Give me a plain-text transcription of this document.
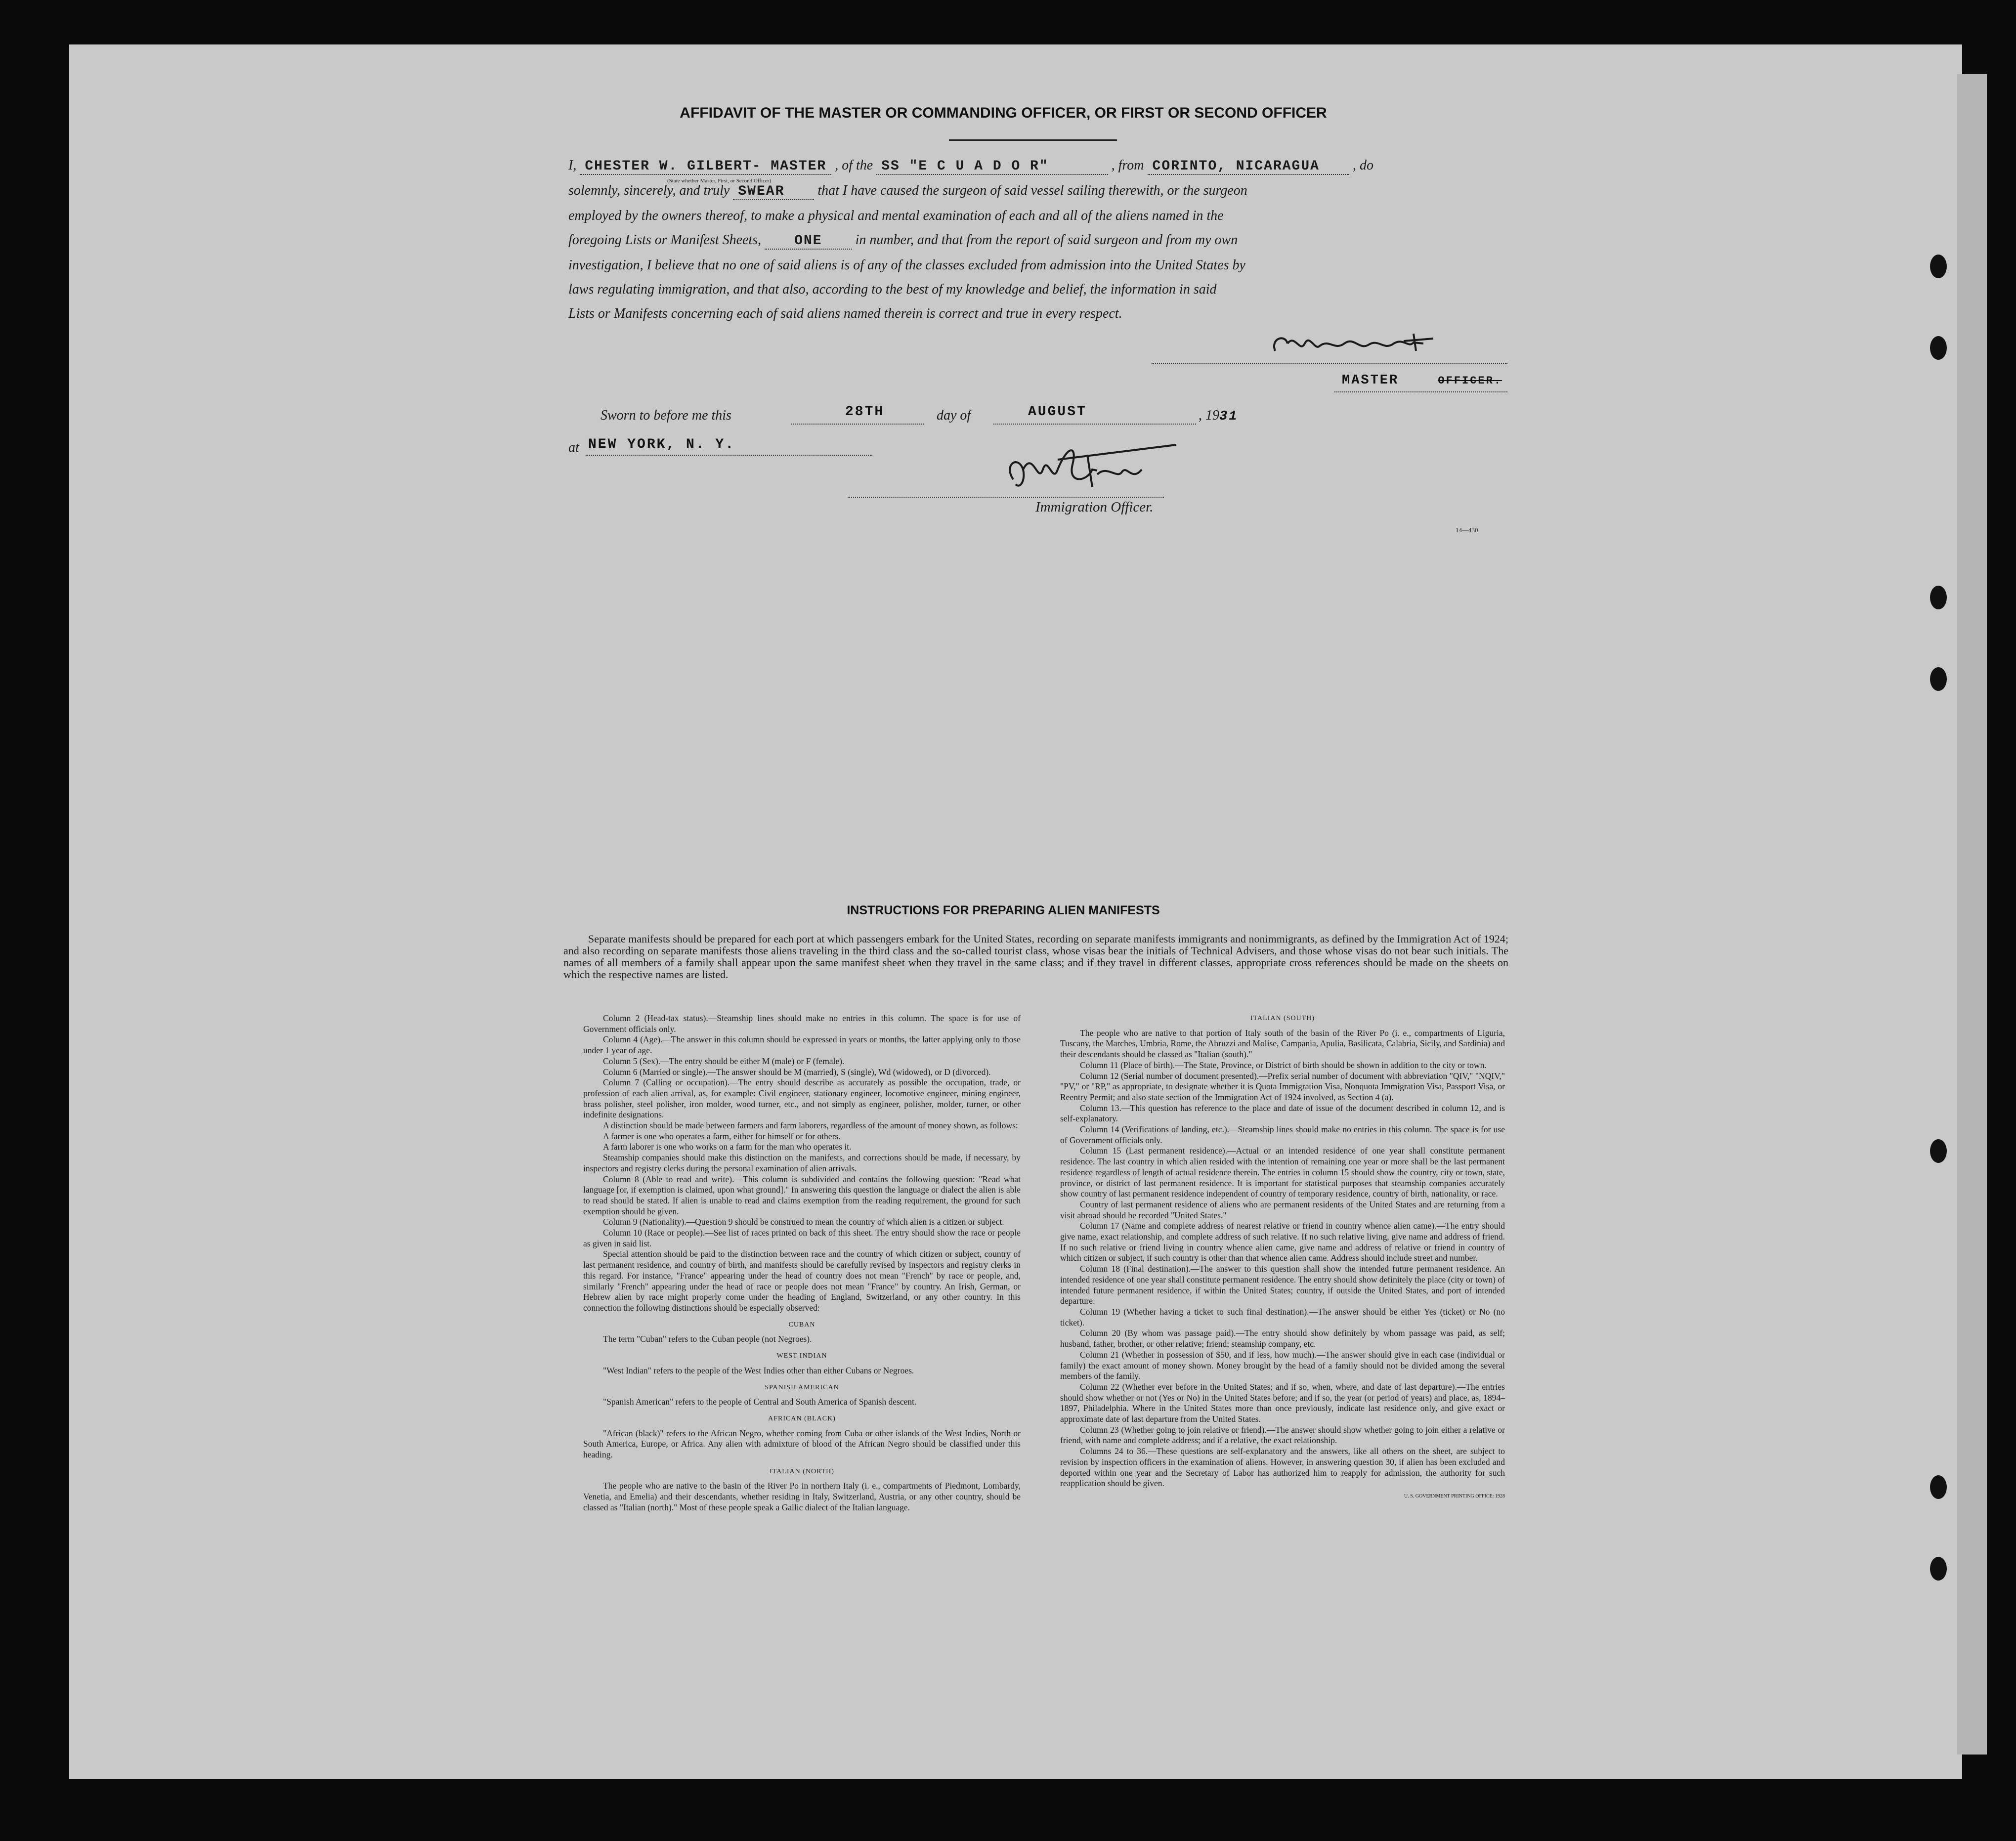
AFFIDAVIT OF THE MASTER OR COMMANDING OFFICER, OR FIRST OR SECOND OFFICER
I, CHESTER W. GILBERT- MASTER , of the SS "E C U A D O R"	, from CORINTO, NICARAGUA , do
solemnly, sincerely, and truly SWEAR that I have caused the surgeon of said vessel sailing therewith, or the surgeon
employed by the owners thereof, to make a physical and mental examination of each and all of the aliens named in the
foregoing Lists or Manifest Sheets, ONE in number, and that from the report of said surgeon and from my own
investigation, I believe that no one of said aliens is of any of the classes excluded from admission into the United States by
laws regulating immigration, and that also, according to the best of my knowledge and belief, the information in said
Lists or Manifests concerning each of said aliens named therein is correct and true in every respect.
(State whether Master, First, or Second Officer)
MASTER	OFFICER.
Sworn to before me this	28TH	day of	AUGUST	, 1931
at NEW YORK, N. Y.
Immigration Officer.
14—430
INSTRUCTIONS FOR PREPARING ALIEN MANIFESTS
Separate manifests should be prepared for each port at which passengers embark for the United States, recording on separate manifests immigrants and nonimmigrants, as defined by the Immigration Act of 1924; and also recording on separate manifests those aliens traveling in the third class and the so-called tourist class, whose visas bear the initials of Technical Advisers, and those whose visas do not bear such initials. The names of all members of a family shall appear upon the same manifest sheet when they travel in the same class; and if they travel in different classes, appropriate cross references should be made on the sheets on which the respective names are listed.

Column 2 (Head-tax status).—Steamship lines should make no entries in this column. The space is for use of Government officials only.

Column 4 (Age).—The answer in this column should be expressed in years or months, the latter applying only to those under 1 year of age.

Column 5 (Sex).—The entry should be either M (male) or F (female).

Column 6 (Married or single).—The answer should be M (married), S (single), Wd (widowed), or D (divorced).

Column 7 (Calling or occupation).—The entry should describe as accurately as possible the occupation, trade, or profession of each alien arrival, as, for example: Civil engineer, stationary engineer, locomotive engineer, mining engineer, brass polisher, steel polisher, iron molder, wood turner, etc., and not simply as engineer, polisher, molder, turner, or other indefinite designations.

A distinction should be made between farmers and farm laborers, regardless of the amount of money shown, as follows:

A farmer is one who operates a farm, either for himself or for others.

A farm laborer is one who works on a farm for the man who operates it.

Steamship companies should make this distinction on the manifests, and corrections should be made, if necessary, by inspectors and registry clerks during the personal examination of alien arrivals.

Column 8 (Able to read and write).—This column is subdivided and contains the following question: "Read what language [or, if exemption is claimed, upon what ground]." In answering this question the language or dialect the alien is able to read should be stated. If alien is unable to read and claims exemption from the reading requirement, the ground for such exemption should be given.

Column 9 (Nationality).—Question 9 should be construed to mean the country of which alien is a citizen or subject.

Column 10 (Race or people).—See list of races printed on back of this sheet. The entry should show the race or people as given in said list.

Special attention should be paid to the distinction between race and the country of which citizen or subject, country of last permanent residence, and country of birth, and manifests should be carefully revised by inspectors and registry clerks in this regard. For instance, "France" appearing under the head of country does not mean "French" by race or people, and, similarly "French" appearing under the head of race or people does not mean "France" by country. An Irish, German, or Hebrew alien by race might properly come under the heading of England, Switzerland, or any other country. In this connection the following distinctions should be especially observed:

CUBAN

The term "Cuban" refers to the Cuban people (not Negroes).

WEST INDIAN

"West Indian" refers to the people of the West Indies other than either Cubans or Negroes.

SPANISH AMERICAN

"Spanish American" refers to the people of Central and South America of Spanish descent.

AFRICAN (BLACK)

"African (black)" refers to the African Negro, whether coming from Cuba or other islands of the West Indies, North or South America, Europe, or Africa. Any alien with admixture of blood of the African Negro should be classified under this heading.

ITALIAN (NORTH)

The people who are native to the basin of the River Po in northern Italy (i. e., compartments of Piedmont, Lombardy, Venetia, and Emelia) and their descendants, whether residing in Italy, Switzerland, Austria, or any other country, should be classed as "Italian (north)." Most of these people speak a Gallic dialect of the Italian language.

ITALIAN (SOUTH)

The people who are native to that portion of Italy south of the basin of the River Po (i. e., compartments of Liguria, Tuscany, the Marches, Umbria, Rome, the Abruzzi and Molise, Campania, Apulia, Basilicata, Calabria, Sicily, and Sardinia) and their descendants should be classed as "Italian (south)."

Column 11 (Place of birth).—The State, Province, or District of birth should be shown in addition to the city or town.

Column 12 (Serial number of document presented).—Prefix serial number of document with abbreviation "QIV," "NQIV," "PV," or "RP," as appropriate, to designate whether it is Quota Immigration Visa, Nonquota Immigration Visa, Passport Visa, or Reentry Permit; and also state section of the Immigration Act of 1924 involved, as Section 4 (a).

Column 13.—This question has reference to the place and date of issue of the document described in column 12, and is self-explanatory.

Column 14 (Verifications of landing, etc.).—Steamship lines should make no entries in this column. The space is for use of Government officials only.

Column 15 (Last permanent residence).—Actual or an intended residence of one year shall constitute permanent residence. The last country in which alien resided with the intention of remaining one year or more shall be the last permanent residence regardless of length of actual residence therein. The entries in column 15 should show the country, city or town, state, province, or district of last permanent residence. It is important for statistical purposes that steamship companies accurately show country of last permanent residence independent of country of temporary residence, country of birth, nationality, or race.

Country of last permanent residence of aliens who are permanent residents of the United States and are returning from a visit abroad should be recorded "United States."

Column 17 (Name and complete address of nearest relative or friend in country whence alien came).—The entry should give name, exact relationship, and complete address of such relative. If no such relative living, give name and address of friend. If no such relative or friend living in country whence alien came, give name and address of relative or friend in country of which citizen or subject, if such country is other than that whence alien came. Address should include street and number.

Column 18 (Final destination).—The answer to this question shall show the intended future permanent residence. An intended residence of one year shall constitute permanent residence. The entry should show definitely the place (city or town) of intended future permanent residence, if within the United States; country, if outside the United States, and port of intended departure.

Column 19 (Whether having a ticket to such final destination).—The answer should be either Yes (ticket) or No (no ticket).

Column 20 (By whom was passage paid).—The entry should show definitely by whom passage was paid, as self; husband, father, brother, or other relative; friend; steamship company, etc.

Column 21 (Whether in possession of $50, and if less, how much).—The answer should give in each case (individual or family) the exact amount of money shown. Money brought by the head of a family should not be divided among the several members of the family.

Column 22 (Whether ever before in the United States; and if so, when, where, and date of last departure).—The entries should show whether or not (Yes or No) in the United States before; and if so, the year (or period of years) and place, as, 1894–1897, Philadelphia. Where in the United States more than once previously, indicate last residence only, and give exact or approximate date of last departure from the United States.

Column 23 (Whether going to join relative or friend).—The answer should show whether going to join either a relative or friend, with name and complete address; and if a relative, the exact relationship.

Columns 24 to 36.—These questions are self-explanatory and the answers, like all others on the sheet, are subject to revision by inspection officers in the examination of aliens. However, in answering question 30, if alien has been excluded and deported within one year and the Secretary of Labor has authorized him to reapply for admission, the authority for such reapplication should be given.

U. S. GOVERNMENT PRINTING OFFICE: 1928
